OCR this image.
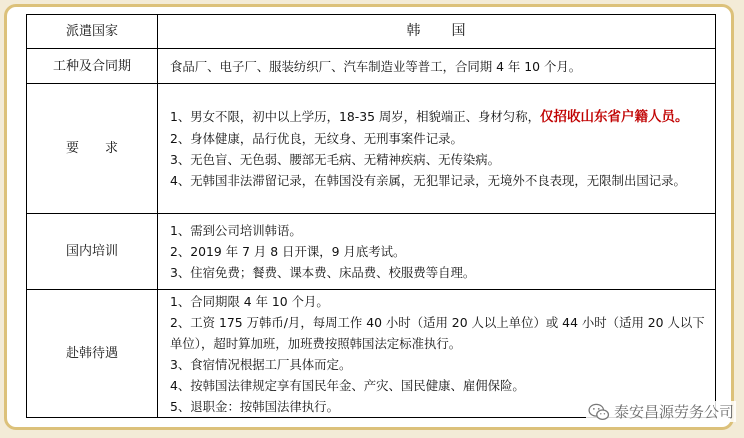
派遣国家	韩　　国
工种及合同期	食品厂、电子厂、服装纺织厂、汽车制造业等普工，合同期 4 年 10 个月。
要　　求	1、男女不限，初中以上学历，18-35 周岁，相貌端正、身材匀称，仅招收山东省户籍人员。
2、身体健康，品行优良，无纹身、无刑事案件记录。
3、无色盲、无色弱、腰部无毛病、无精神疾病、无传染病。
4、无韩国非法滞留记录，在韩国没有亲属，无犯罪记录，无境外不良表现，无限制出国记录。

国内培训	1、需到公司培训韩语。
2、2019 年 7 月 8 日开课，9 月底考试。
3、住宿免费；餐费、课本费、床品费、校服费等自理。

赴韩待遇	1、合同期限 4 年 10 个月。
2、工资 175 万韩币/月，每周工作 40 小时（适用 20 人以上单位）或 44 小时（适用 20 人以下单位），超时算加班，加班费按照韩国法定标准执行。
3、食宿情况根据工厂具体而定。
4、按韩国法律规定享有国民年金、产灾、国民健康、雇佣保险。
5、退职金：按韩国法律执行。	泰安昌源劳务公司
